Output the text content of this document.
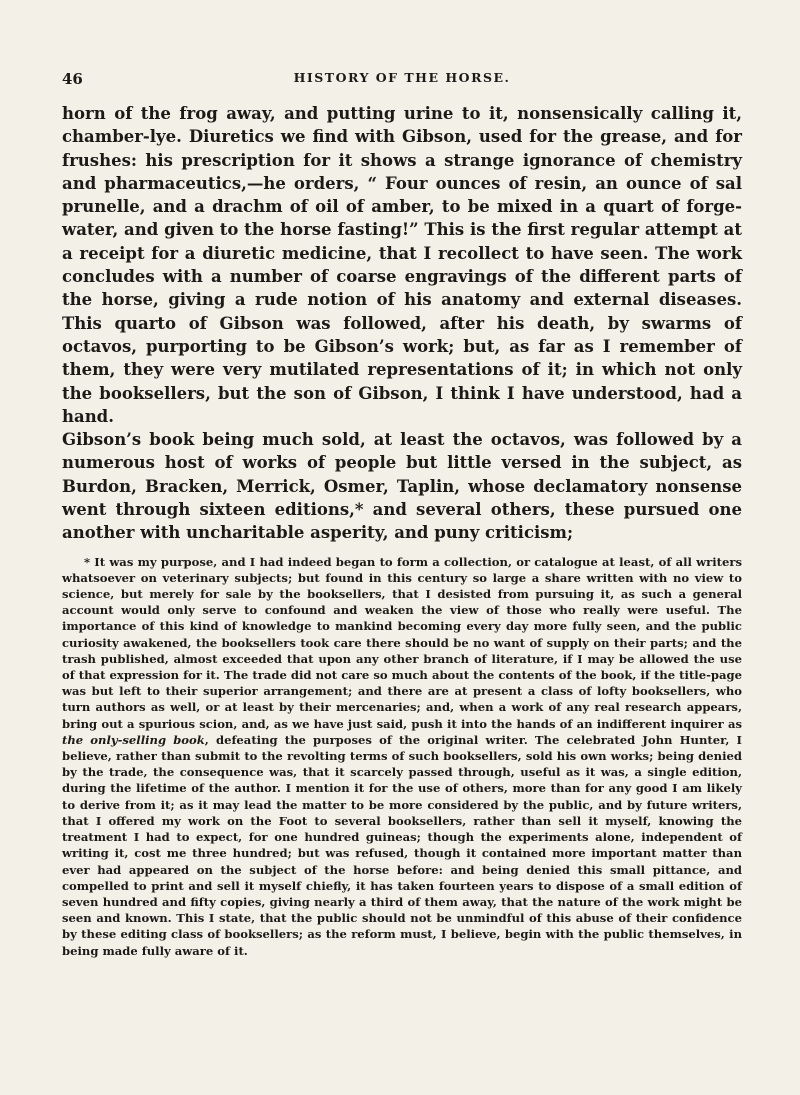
46	HISTORY OF THE HORSE.

horn of the frog away, and putting urine to it, nonsensically calling it, chamber-lye. Diuretics we find with Gibson, used for the grease, and for frushes: his prescription for it shows a strange ignorance of chemistry and pharmaceutics,—he orders, “ Four ounces of resin, an ounce of sal prunelle, and a drachm of oil of amber, to be mixed in a quart of forge-water, and given to the horse fasting!” This is the first regular attempt at a receipt for a diuretic medicine, that I recollect to have seen. The work concludes with a number of coarse engravings of the different parts of the horse, giving a rude notion of his anatomy and external diseases. This quarto of Gibson was followed, after his death, by swarms of octavos, purporting to be Gibson’s work; but, as far as I remember of them, they were very mutilated representations of it; in which not only the booksellers, but the son of Gibson, I think I have understood, had a hand.

Gibson’s book being much sold, at least the octavos, was followed by a numerous host of works of people but little versed in the subject, as Burdon, Bracken, Merrick, Osmer, Taplin, whose declamatory nonsense went through sixteen editions,* and several others, these pursued one another with uncharitable asperity, and puny criticism;

* It was my purpose, and I had indeed began to form a collection, or catalogue at least, of all writers whatsoever on veterinary subjects; but found in this century so large a share written with no view to science, but merely for sale by the booksellers, that I desisted from pursuing it, as such a general account would only serve to confound and weaken the view of those who really were useful. The importance of this kind of knowledge to mankind becoming every day more fully seen, and the public curiosity awakened, the booksellers took care there should be no want of supply on their parts; and the trash published, almost exceeded that upon any other branch of literature, if I may be allowed the use of that expression for it. The trade did not care so much about the contents of the book, if the title-page was but left to their superior arrangement; and there are at present a class of lofty booksellers, who turn authors as well, or at least by their mercenaries; and, when a work of any real research appears, bring out a spurious scion, and, as we have just said, push it into the hands of an indifferent inquirer as the only-selling book, defeating the purposes of the original writer. The celebrated John Hunter, I believe, rather than submit to the revolting terms of such booksellers, sold his own works; being denied by the trade, the consequence was, that it scarcely passed through, useful as it was, a single edition, during the lifetime of the author. I mention it for the use of others, more than for any good I am likely to derive from it; as it may lead the matter to be more considered by the public, and by future writers, that I offered my work on the Foot to several booksellers, rather than sell it myself, knowing the treatment I had to expect, for one hundred guineas; though the experiments alone, independent of writing it, cost me three hundred; but was refused, though it contained more important matter than ever had appeared on the subject of the horse before: and being denied this small pittance, and compelled to print and sell it myself chiefly, it has taken fourteen years to dispose of a small edition of seven hundred and fifty copies, giving nearly a third of them away, that the nature of the work might be seen and known. This I state, that the public should not be unmindful of this abuse of their confidence by these editing class of booksellers; as the reform must, I believe, begin with the public themselves, in being made fully aware of it.
